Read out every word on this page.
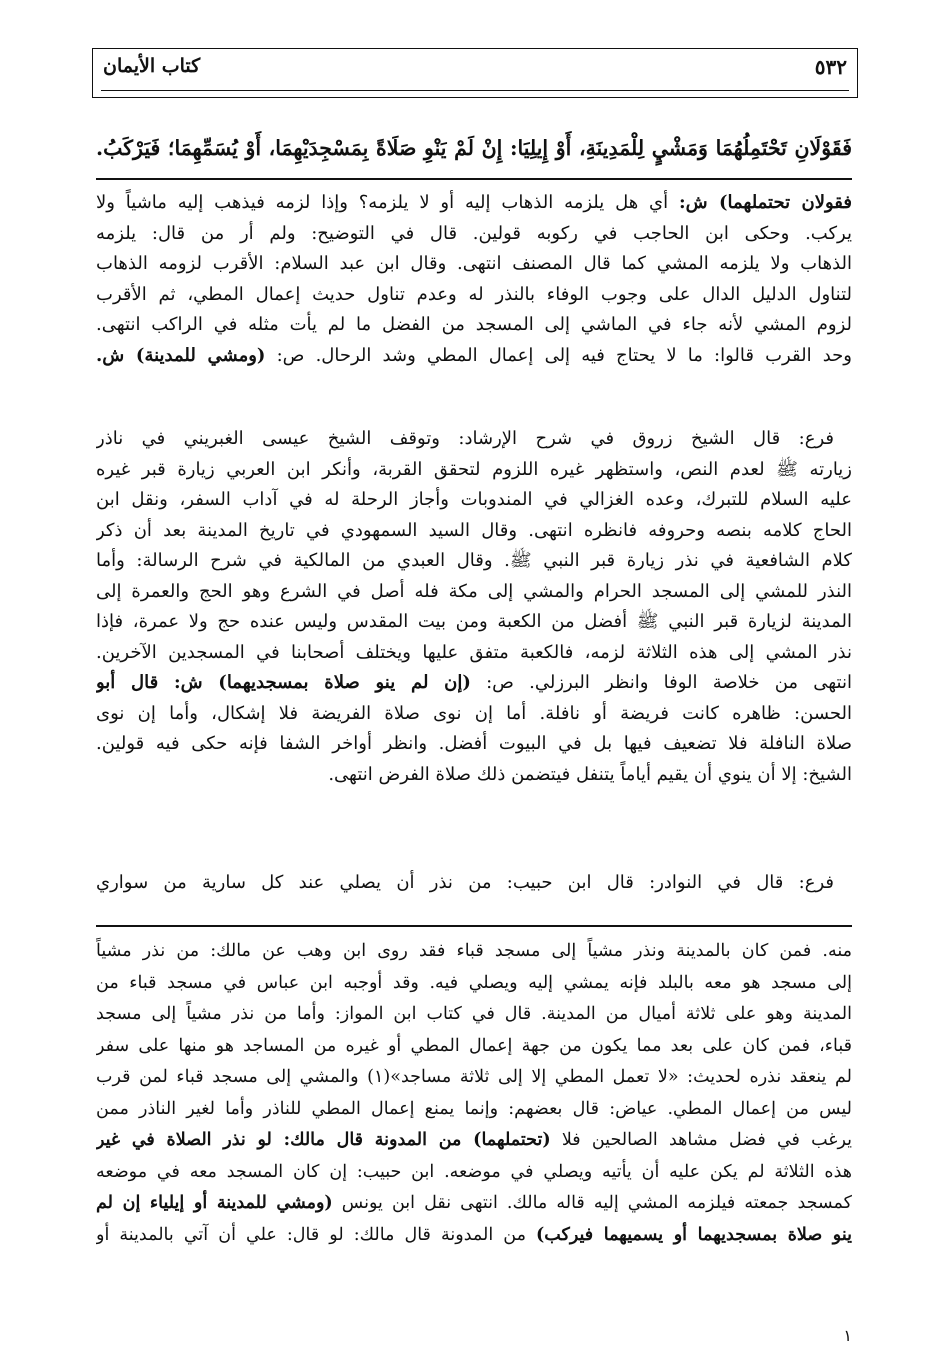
٥٣٢
كتاب الأيمان
فَقَوْلَانِ تَحْتَمِلُهُمَا وَمَشْيٍ لِلْمَدِينَةِ، أَوْ إِيلِيَا: إِنْ لَمْ يَنْوِ صَلَاةً بِمَسْجِدَيْهِمَا، أَوْ يُسَمِّهِمَا؛ فَيَرْكَبُ.
فقولان تحتملهما) ش: أي هل يلزمه الذهاب إليه أو لا يلزمه؟ وإذا لزمه فيذهب إليه ماشياً ولا
يركب. وحكى ابن الحاجب في ركوبه قولين. قال في التوضيح: ولم أر من قال: يلزمه
الذهاب ولا يلزمه المشي كما قال المصنف انتهى. وقال ابن عبد السلام: الأقرب لزومه الذهاب
لتناول الدليل الدال على وجوب الوفاء بالنذر له وعدم تناول حديث إعمال المطي، ثم الأقرب
لزوم المشي لأنه جاء في الماشي إلى المسجد من الفضل ما لم يأت مثله في الراكب انتهى.
وحد القرب قالوا: ما لا يحتاج فيه إلى إعمال المطي وشد الرحال. ص: (ومشي للمدينة) ش.
فرع: قال الشيخ زروق في شرح الإرشاد: وتوقف الشيخ عيسى الغبريني في ناذر
زيارته ﷺ لعدم النص، واستظهر غيره اللزوم لتحقق القربة، وأنكر ابن العربي زيارة قبر غيره
عليه السلام للتبرك، وعده الغزالي في المندوبات وأجاز الرحلة له في آداب السفر، ونقل ابن
الحاج كلامه بنصه وحروفه فانظره انتهى. وقال السيد السمهودي في تاريخ المدينة بعد أن ذكر
كلام الشافعية في نذر زيارة قبر النبي ﷺ. وقال العبدي من المالكية في شرح الرسالة: وأما
النذر للمشي إلى المسجد الحرام والمشي إلى مكة فله أصل في الشرع وهو الحج والعمرة إلى
المدينة لزيارة قبر النبي ﷺ أفضل من الكعبة ومن بيت المقدس وليس عنده حج ولا عمرة، فإذا
نذر المشي إلى هذه الثلاثة لزمه، فالكعبة متفق عليها ويختلف أصحابنا في المسجدين الآخرين.
انتهى من خلاصة الوفا وانظر البرزلي. ص: (إن لم ينو صلاة بمسجديهما) ش: قال أبو
الحسن: ظاهره كانت فريضة أو نافلة. أما إن نوى صلاة الفريضة فلا إشكال، وأما إن نوى
صلاة النافلة فلا تضعيف فيها بل في البيوت أفضل. وانظر أواخر الشفا فإنه حكى فيه قولين.
الشيخ: إلا أن ينوي أن يقيم أياماً يتنفل فيتضمن ذلك صلاة الفرض انتهى.
فرع: قال في النوادر: قال ابن حبيب: من نذر أن يصلي عند كل سارية من سواري
منه. فمن كان بالمدينة ونذر مشياً إلى مسجد قباء فقد روى ابن وهب عن مالك: من نذر مشياً
إلى مسجد هو معه بالبلد فإنه يمشي إليه ويصلي فيه. وقد أوجبه ابن عباس في مسجد قباء من
المدينة وهو على ثلاثة أميال من المدينة. قال في كتاب ابن المواز: وأما من نذر مشياً إلى مسجد
قباء، فمن كان على بعد مما يكون من جهة إعمال المطي أو غيره من المساجد هو منها على سفر
لم ينعقد نذره لحديث: «لا تعمل المطي إلا إلى ثلاثة مساجد»(١) والمشي إلى مسجد قباء لمن قرب
ليس من إعمال المطي. عياض: قال بعضهم: وإنما يمنع إعمال المطي للناذر وأما لغير الناذر ممن
يرغب في فضل مشاهد الصالحين فلا (تحتملهما) من المدونة قال مالك: لو نذر الصلاة في غير
هذه الثلاثة لم يكن عليه أن يأتيه ويصلي في موضعه. ابن حبيب: إن كان المسجد معه في موضعه
كمسجد جمعته فيلزمه المشي إليه قاله مالك. انتهى نقل ابن يونس (ومشي للمدينة أو إيلياء إن لم
ينو صلاة بمسجديهما أو يسميهما فيركب) من المدونة قال مالك: لو قال: علي أن آتي بالمدينة أو
١
